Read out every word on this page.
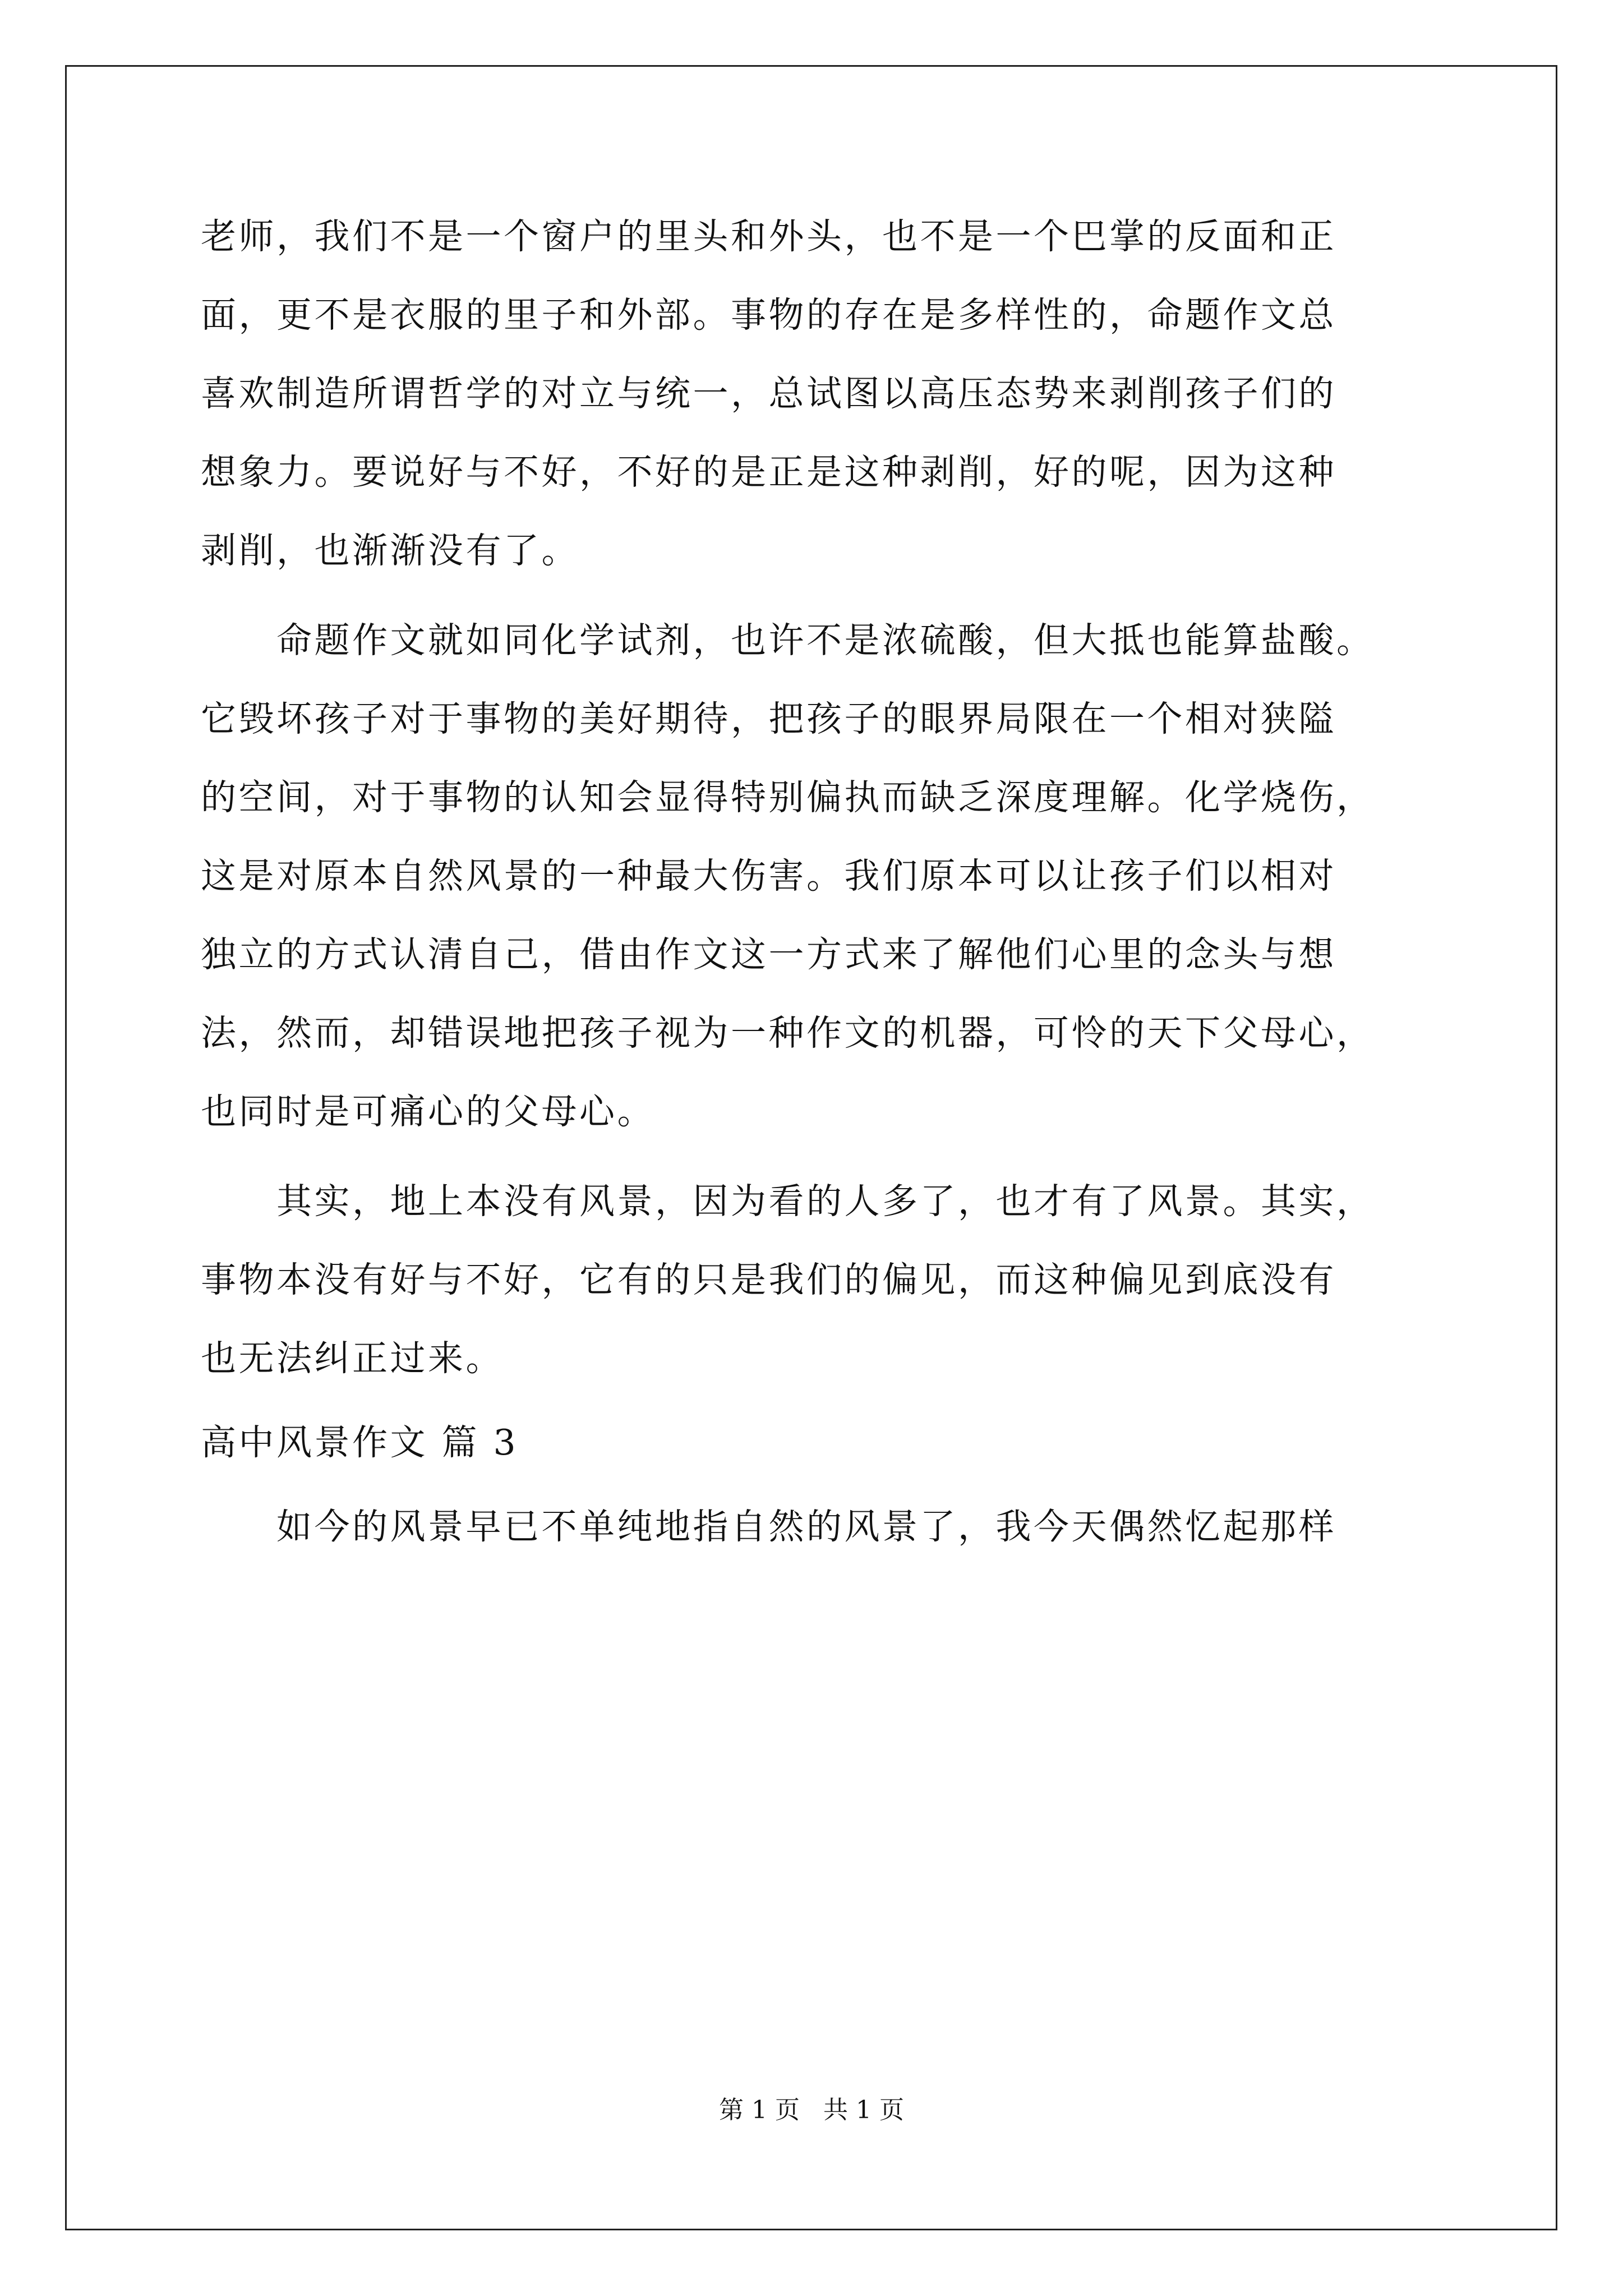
老师，我们不是一个窗户的里头和外头，也不是一个巴掌的反面和正
面，更不是衣服的里子和外部。事物的存在是多样性的，命题作文总
喜欢制造所谓哲学的对立与统一，总试图以高压态势来剥削孩子们的
想象力。要说好与不好，不好的是正是这种剥削，好的呢，因为这种
剥削，也渐渐没有了。
　　命题作文就如同化学试剂，也许不是浓硫酸，但大抵也能算盐酸。
它毁坏孩子对于事物的美好期待，把孩子的眼界局限在一个相对狭隘
的空间，对于事物的认知会显得特别偏执而缺乏深度理解。化学烧伤，
这是对原本自然风景的一种最大伤害。我们原本可以让孩子们以相对
独立的方式认清自己，借由作文这一方式来了解他们心里的念头与想
法，然而，却错误地把孩子视为一种作文的机器，可怜的天下父母心，
也同时是可痛心的父母心。
　　其实，地上本没有风景，因为看的人多了，也才有了风景。其实，
事物本没有好与不好，它有的只是我们的偏见，而这种偏见到底没有
也无法纠正过来。
高中风景作文 篇 3
　　如今的风景早已不单纯地指自然的风景了，我今天偶然忆起那样
第 1 页   共 1 页
